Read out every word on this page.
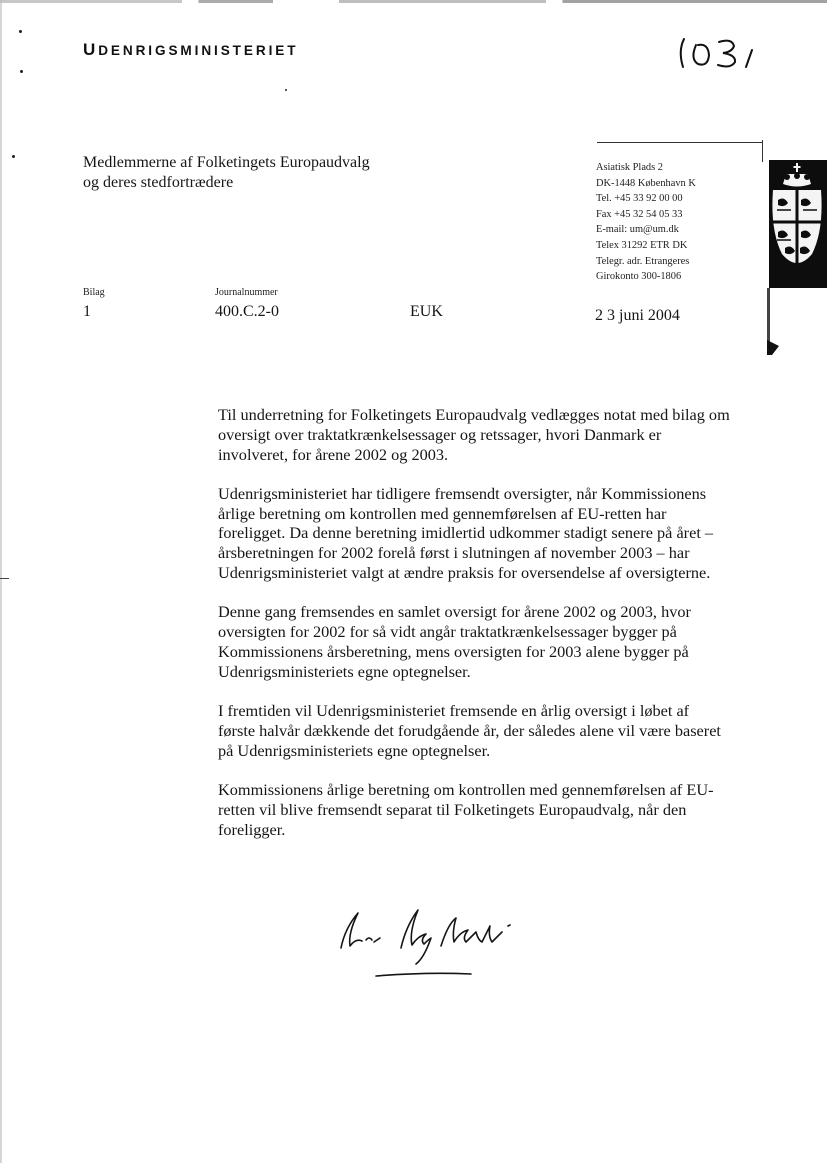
UDENRIGSMINISTERIET
Medlemmerne af Folketingets Europaudvalg
og deres stedfortrædere
Asiatisk Plads 2
DK-1448 København K
Tel. +45 33 92 00 00
Fax +45 32 54 05 33
E-mail: um@um.dk
Telex 31292 ETR DK
Telegr. adr. Etrangeres
Girokonto 300-1806
Bilag	Journalnummer
1	400.C.2-0	EUK	2 3 juni 2004

Til underretning for Folketingets Europaudvalg vedlægges notat med bilag om oversigt over traktatkrænkelsessager og retssager, hvori Danmark er involveret, for årene 2002 og 2003.

Udenrigsministeriet har tidligere fremsendt oversigter, når Kommissionens årlige beretning om kontrollen med gennemførelsen af EU-retten har foreligget. Da denne beretning imidlertid udkommer stadigt senere på året – årsberetningen for 2002 forelå først i slutningen af november 2003 – har Udenrigsministeriet valgt at ændre praksis for oversendelse af oversigterne.

Denne gang fremsendes en samlet oversigt for årene 2002 og 2003, hvor oversigten for 2002 for så vidt angår traktatkrænkelsessager bygger på Kommissionens årsberetning, mens oversigten for 2003 alene bygger på Udenrigsministeriets egne optegnelser.

I fremtiden vil Udenrigsministeriet fremsende en årlig oversigt i løbet af første halvår dækkende det forudgående år, der således alene vil være baseret på Udenrigsministeriets egne optegnelser.

Kommissionens årlige beretning om kontrollen med gennemførelsen af EU-retten vil blive fremsendt separat til Folketingets Europaudvalg, når den foreligger.
